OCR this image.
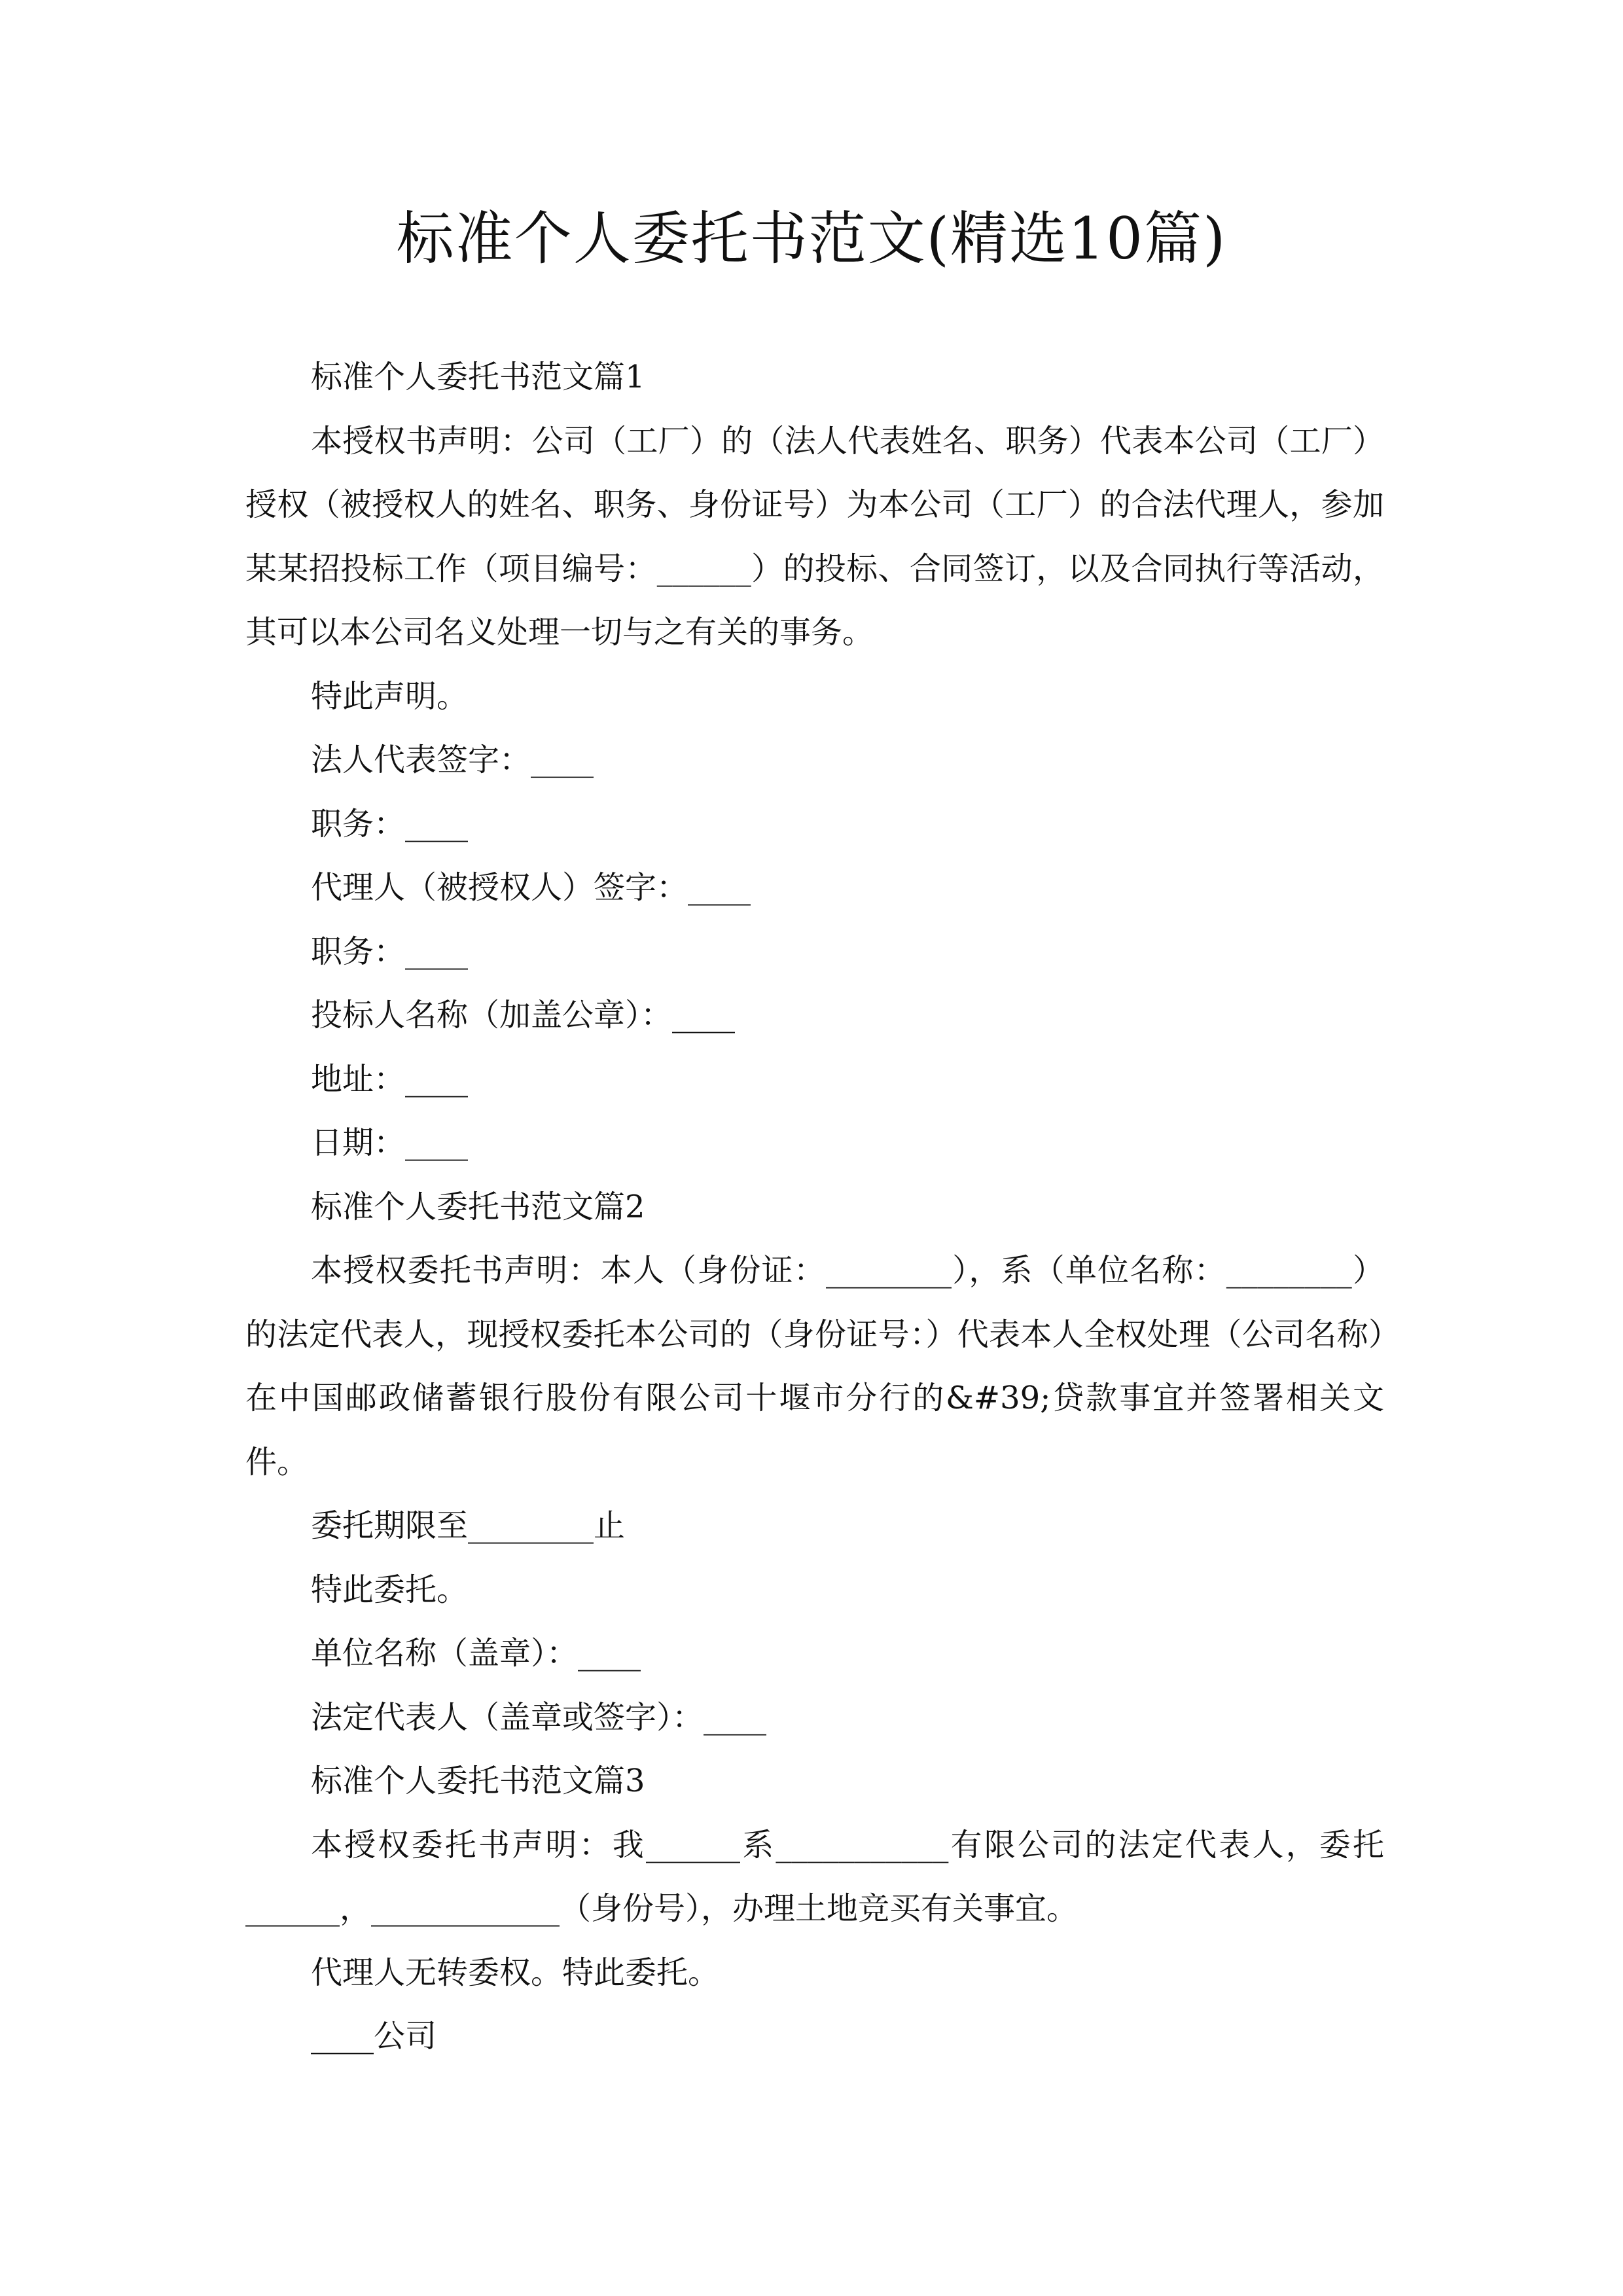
标准个人委托书范文(精选10篇)

标准个人委托书范文篇1

本授权书声明：公司（工厂）的（法人代表姓名、职务）代表本公司（工厂）授权（被授权人的姓名、职务、身份证号）为本公司（工厂）的合法代理人，参加某某招投标工作（项目编号：______）的投标、合同签订，以及合同执行等活动，其可以本公司名义处理一切与之有关的事务。

特此声明。

法人代表签字：____

职务：____

代理人（被授权人）签字：____

职务：____

投标人名称（加盖公章）：____

地址：____

日期：____

标准个人委托书范文篇2

本授权委托书声明：本人（身份证：________），系（单位名称：________）的法定代表人，现授权委托本公司的（身份证号：）代表本人全权处理（公司名称）在中国邮政储蓄银行股份有限公司十堰市分行的&#39;贷款事宜并签署相关文件。

委托期限至________止

特此委托。

单位名称（盖章）：____

法定代表人（盖章或签字）：____

标准个人委托书范文篇3

本授权委托书声明：我______系___________有限公司的法定代表人，委托______，____________（身份号），办理土地竞买有关事宜。

代理人无转委权。特此委托。

____公司
